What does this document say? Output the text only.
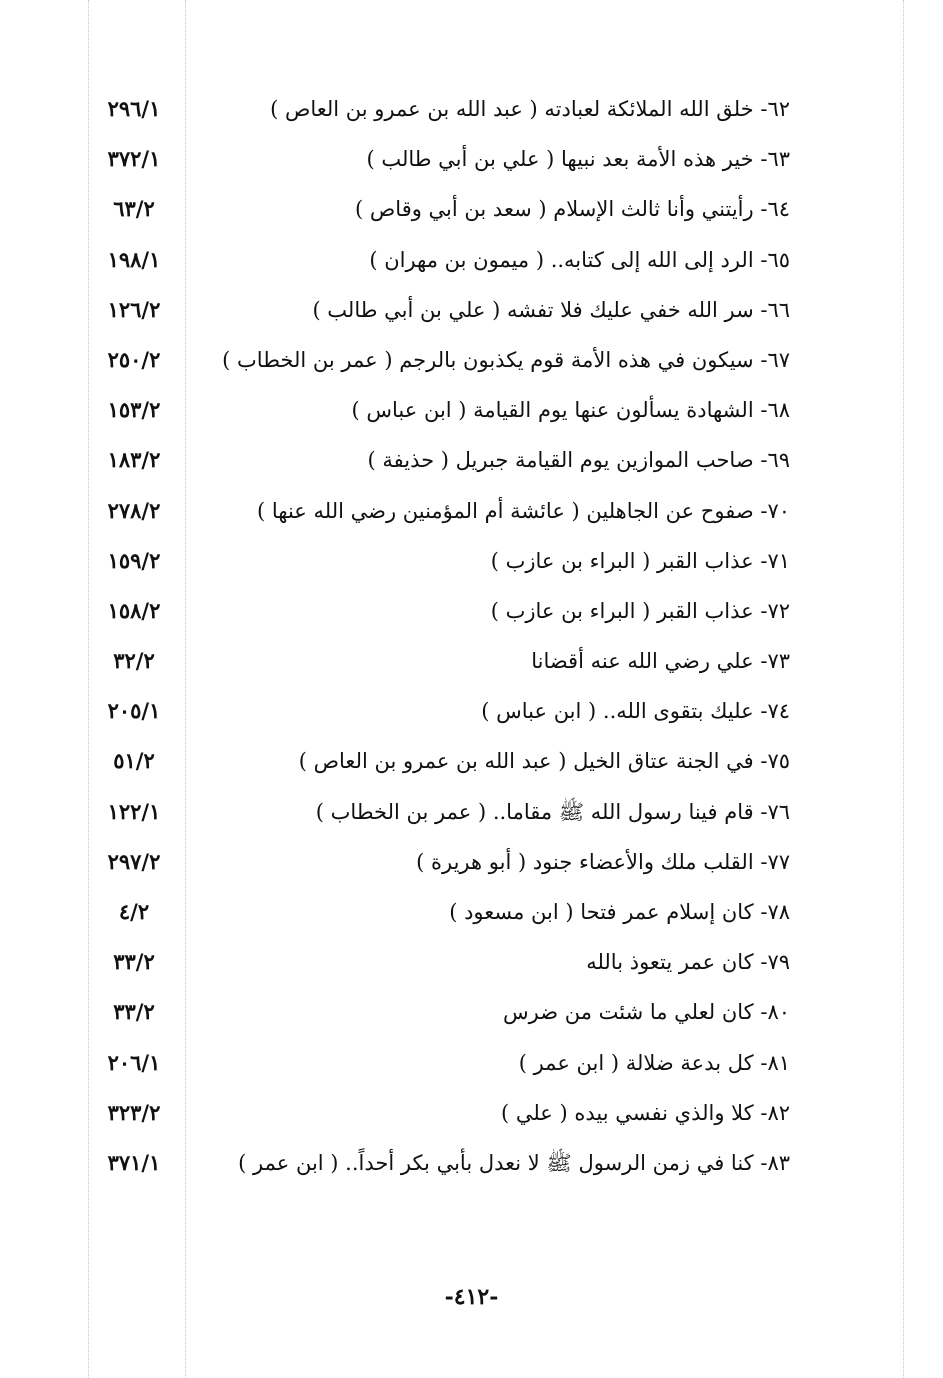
٦٢- خلق الله الملائكة لعبادته ( عبد الله بن عمرو بن العاص )
٢٩٦/١
٦٣- خير هذه الأمة بعد نبيها ( علي بن أبي طالب )
٣٧٢/١
٦٤- رأيتني وأنا ثالث الإسلام ( سعد بن أبي وقاص )
٦٣/٢
٦٥- الرد إلى الله إلى كتابه.. ( ميمون بن مهران )
١٩٨/١
٦٦- سر الله خفي عليك فلا تفشه ( علي بن أبي طالب )
١٢٦/٢
٦٧- سيكون في هذه الأمة قوم يكذبون بالرجم ( عمر بن الخطاب )
٢٥٠/٢
٦٨- الشهادة يسألون عنها يوم القيامة ( ابن عباس )
١٥٣/٢
٦٩- صاحب الموازين يوم القيامة جبريل ( حذيفة )
١٨٣/٢
٧٠- صفوح عن الجاهلين ( عائشة أم المؤمنين رضي الله عنها )
٢٧٨/٢
٧١- عذاب القبر ( البراء بن عازب )
١٥٩/٢
٧٢- عذاب القبر ( البراء بن عازب )
١٥٨/٢
٧٣- علي رضي الله عنه أقضانا
٣٢/٢
٧٤- عليك بتقوى الله.. ( ابن عباس )
٢٠٥/١
٧٥- في الجنة عتاق الخيل ( عبد الله بن عمرو بن العاص )
٥١/٢
٧٦- قام فينا رسول الله ﷺ مقاما.. ( عمر بن الخطاب )
١٢٢/١
٧٧- القلب ملك والأعضاء جنود ( أبو هريرة )
٢٩٧/٢
٧٨- كان إسلام عمر فتحا ( ابن مسعود )
٤/٢
٧٩- كان عمر يتعوذ بالله
٣٣/٢
٨٠- كان لعلي ما شئت من ضرس
٣٣/٢
٨١- كل بدعة ضلالة ( ابن عمر )
٢٠٦/١
٨٢- كلا والذي نفسي بيده ( علي )
٣٢٣/٢
٨٣- كنا في زمن الرسول ﷺ لا نعدل بأبي بكر أحداً.. ( ابن عمر )
٣٧١/١
-٤١٢-
